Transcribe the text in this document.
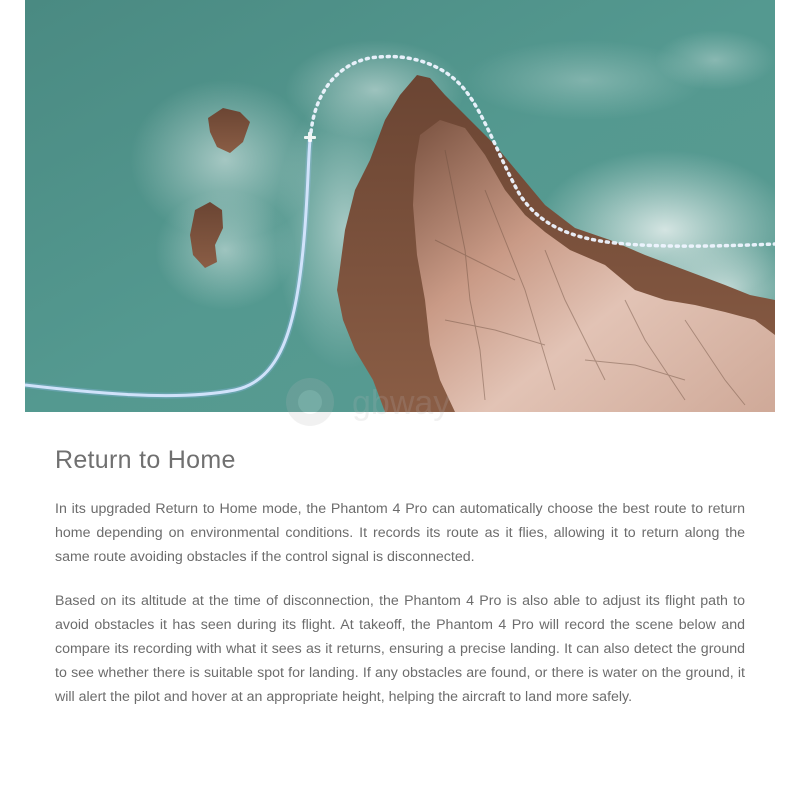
Return to Home

In its upgraded Return to Home mode, the Phantom 4 Pro can automatically choose the best route to return home depending on environmental conditions. It records its route as it flies, allowing it to return along the same route avoiding obstacles if the control signal is disconnected.

Based on its altitude at the time of disconnection, the Phantom 4 Pro is also able to adjust its flight path to avoid obstacles it has seen during its flight. At takeoff, the Phantom 4 Pro will record the scene below and compare its recording with what it sees as it returns, ensuring a precise landing. It can also detect the ground to see whether there is suitable spot for landing. If any obstacles are found, or there is water on the ground, it will alert the pilot and hover at an appropriate height, helping the aircraft to land more safely.
